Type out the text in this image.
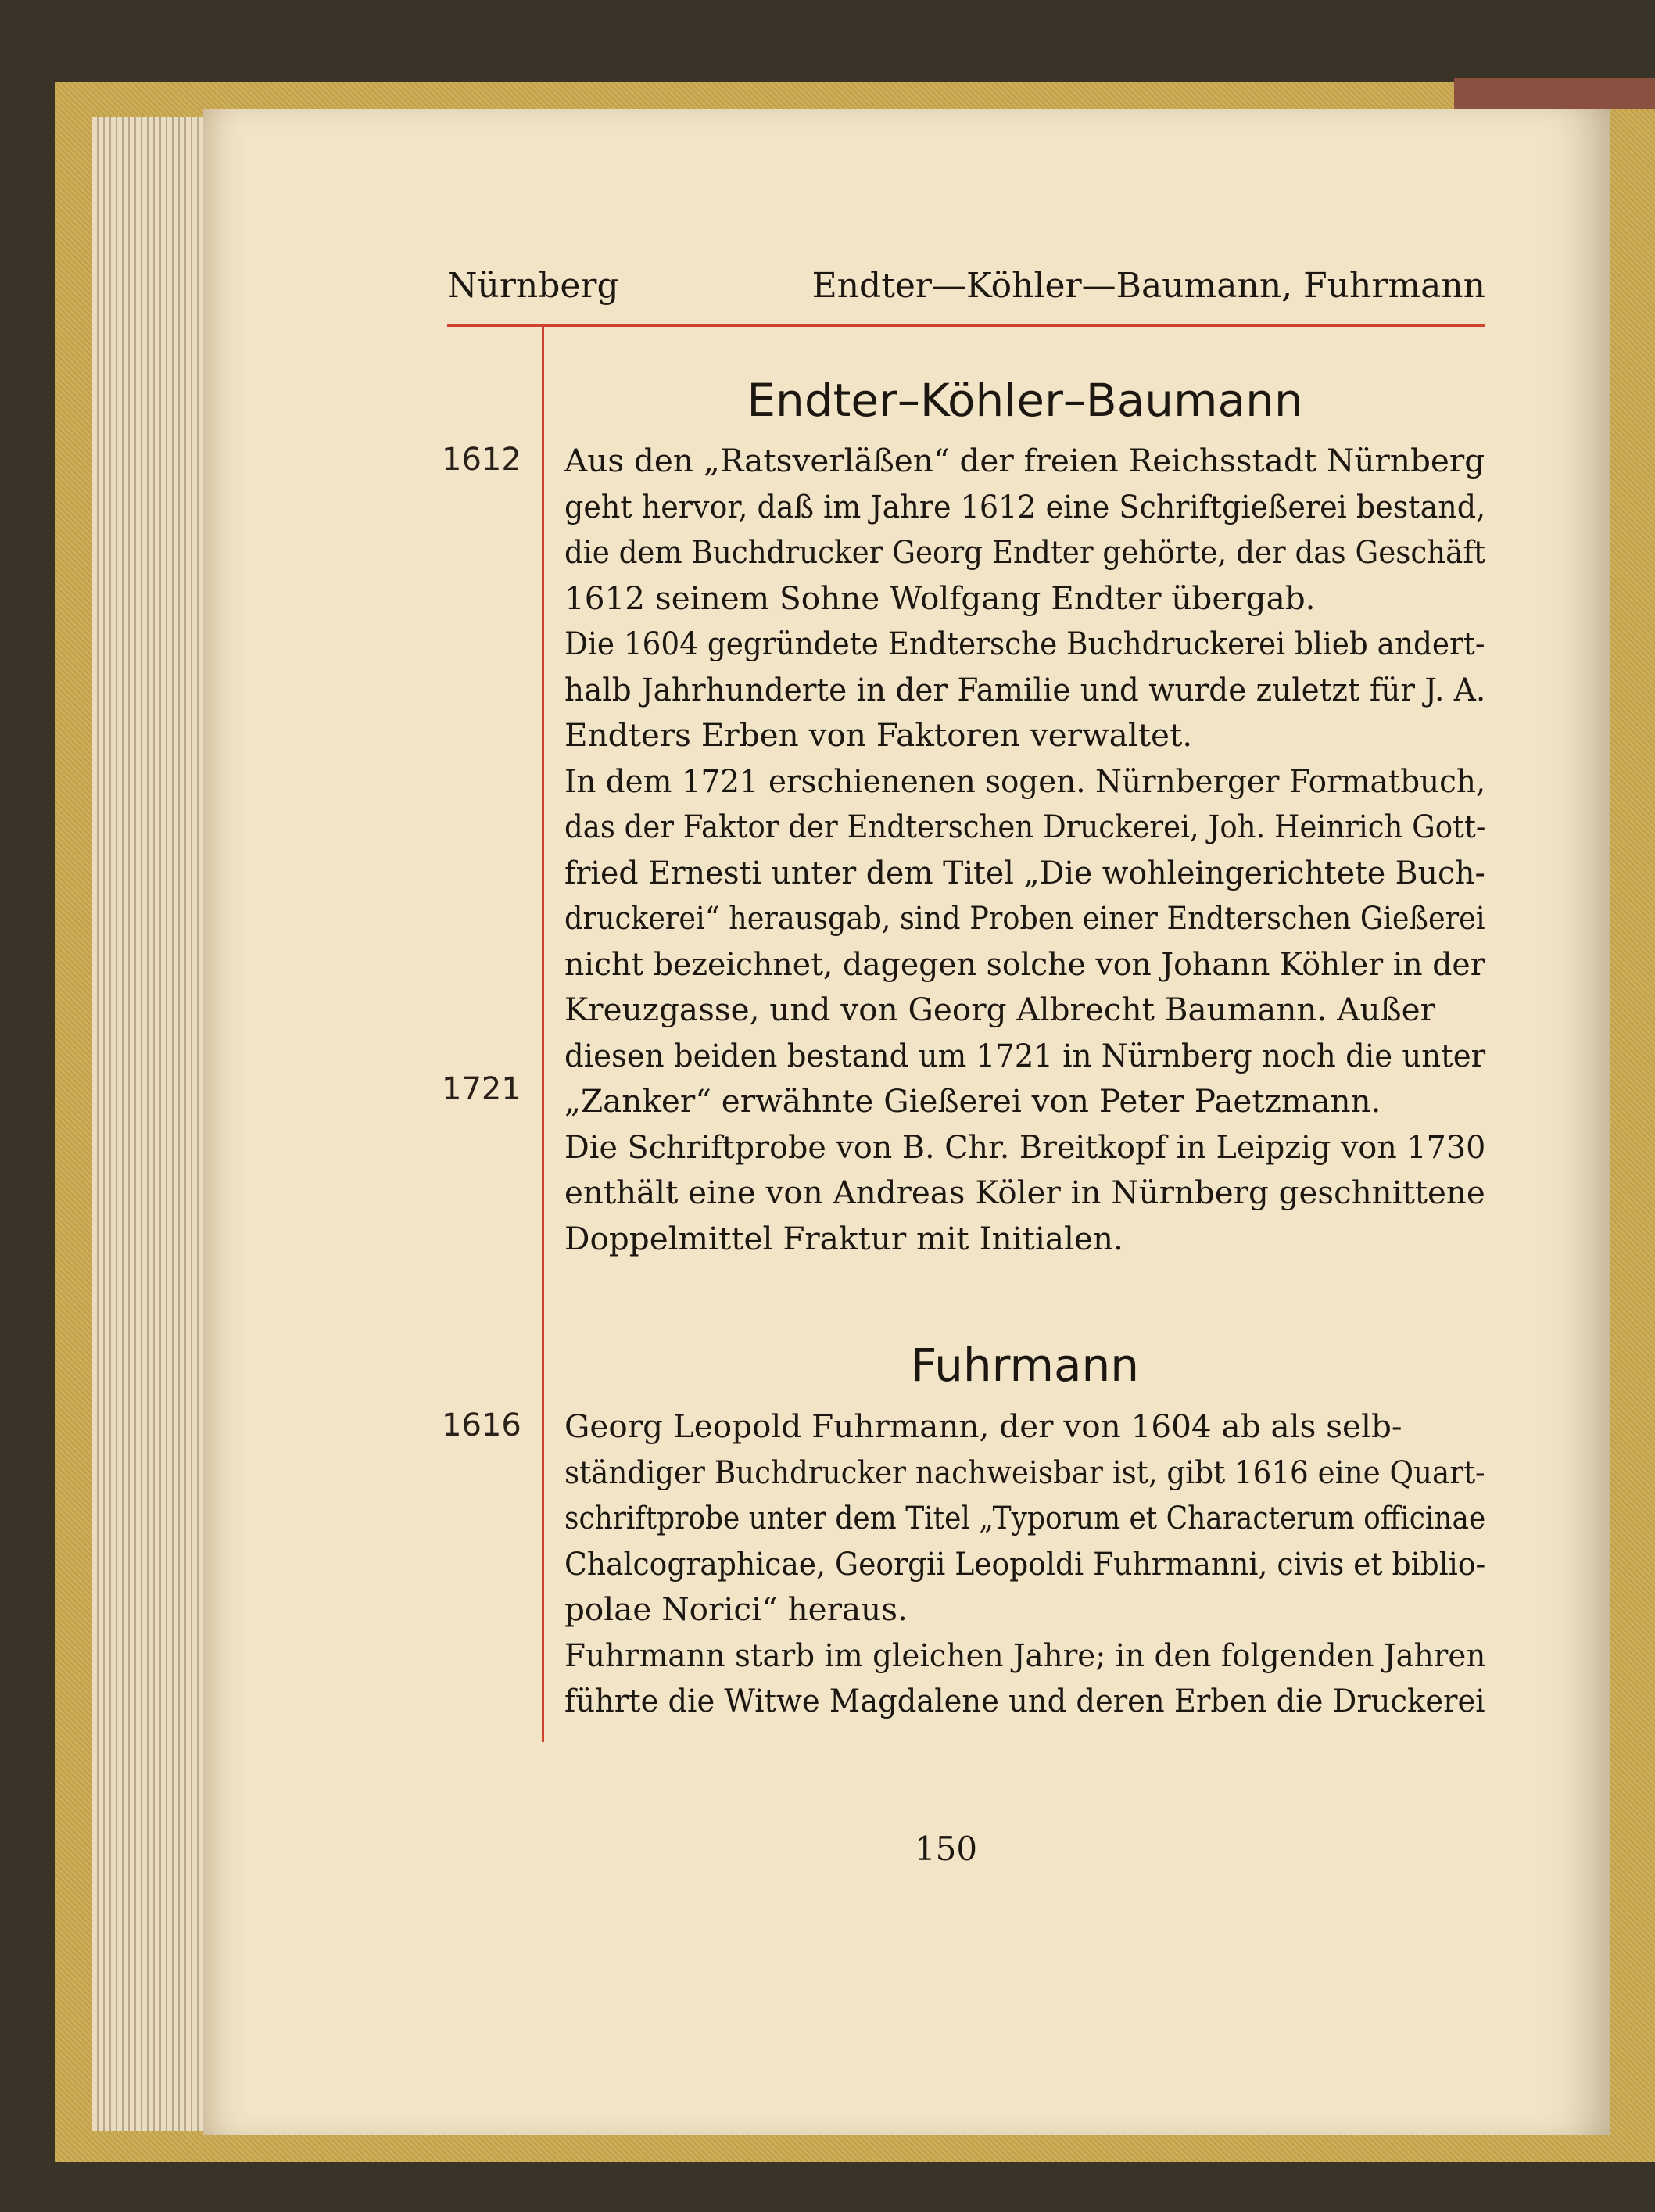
Nürnberg	Endter—Köhler—Baumann, Fuhrmann
Endter–Köhler–Baumann
1612
1721
Aus den „Ratsverläßen“ der freien Reichsstadt Nürnberg
geht hervor, daß im Jahre 1612 eine Schriftgießerei bestand,
die dem Buchdrucker Georg Endter gehörte, der das Geschäft
1612 seinem Sohne Wolfgang Endter übergab.
Die 1604 gegründete Endtersche Buchdruckerei blieb andert-
halb Jahrhunderte in der Familie und wurde zuletzt für J. A.
Endters Erben von Faktoren verwaltet.
In dem 1721 erschienenen sogen. Nürnberger Formatbuch,
das der Faktor der Endterschen Druckerei, Joh. Heinrich Gott-
fried Ernesti unter dem Titel „Die wohleingerichtete Buch-
druckerei“ herausgab, sind Proben einer Endterschen Gießerei
nicht bezeichnet, dagegen solche von Johann Köhler in der
Kreuzgasse, und von Georg Albrecht Baumann. Außer
diesen beiden bestand um 1721 in Nürnberg noch die unter
„Zanker“ erwähnte Gießerei von Peter Paetzmann.
Die Schriftprobe von B. Chr. Breitkopf in Leipzig von 1730
enthält eine von Andreas Köler in Nürnberg geschnittene
Doppelmittel Fraktur mit Initialen.
Fuhrmann
1616	Georg Leopold Fuhrmann, der von 1604 ab als selb-
ständiger Buchdrucker nachweisbar ist, gibt 1616 eine Quart-
schriftprobe unter dem Titel „Typorum et Characterum officinae
Chalcographicae, Georgii Leopoldi Fuhrmanni, civis et biblio-
polae Norici“ heraus.
Fuhrmann starb im gleichen Jahre; in den folgenden Jahren
führte die Witwe Magdalene und deren Erben die Druckerei
150
